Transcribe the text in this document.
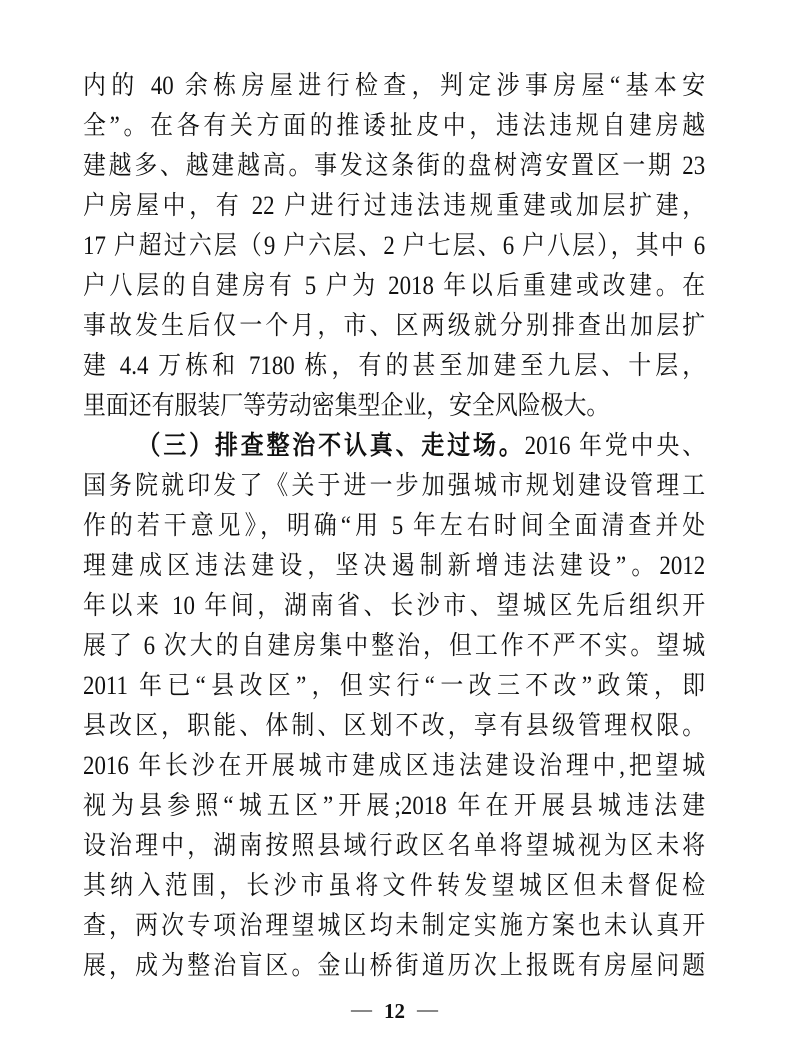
内的 40 余栋房屋进行检查，判定涉事房屋“基本安
全”。在各有关方面的推诿扯皮中，违法违规自建房越
建越多、越建越高。事发这条街的盘树湾安置区一期 23
户房屋中，有 22 户进行过违法违规重建或加层扩建，
17 户超过六层（9 户六层、2 户七层、6 户八层），其中 6
户八层的自建房有 5 户为 2018 年以后重建或改建。在
事故发生后仅一个月，市、区两级就分别排查出加层扩
建 4.4 万栋和 7180 栋，有的甚至加建至九层、十层，
里面还有服装厂等劳动密集型企业，安全风险极大。
（三）排查整治不认真、走过场。2016 年党中央、
国务院就印发了《关于进一步加强城市规划建设管理工
作的若干意见》，明确“用 5 年左右时间全面清查并处
理建成区违法建设，坚决遏制新增违法建设”。2012
年以来 10 年间，湖南省、长沙市、望城区先后组织开
展了 6 次大的自建房集中整治，但工作不严不实。望城
2011 年已“县改区”，但实行“一改三不改”政策，即
县改区，职能、体制、区划不改，享有县级管理权限。
2016 年长沙在开展城市建成区违法建设治理中,把望城
视为县参照“城五区”开展;2018 年在开展县城违法建
设治理中，湖南按照县域行政区名单将望城视为区未将
其纳入范围，长沙市虽将文件转发望城区但未督促检
查，两次专项治理望城区均未制定实施方案也未认真开
展，成为整治盲区。金山桥街道历次上报既有房屋问题
— 12 —
